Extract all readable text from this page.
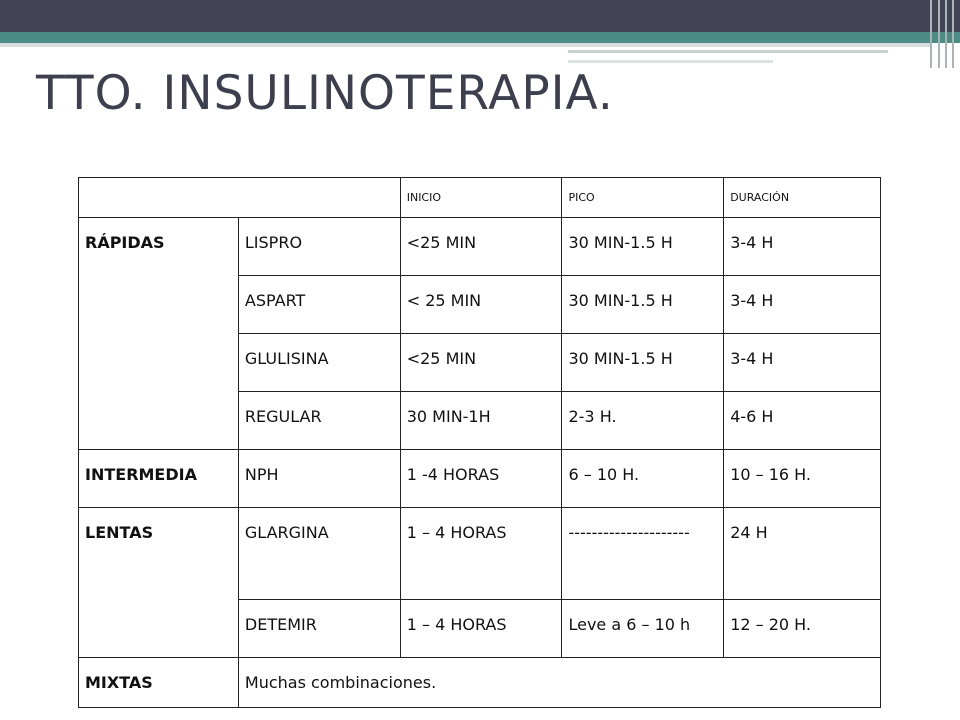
TTO. INSULINOTERAPIA.
		INICIO	PICO	DURACIÓN
RÁPIDAS	LISPRO	<25 MIN	30 MIN-1.5 H	3-4 H
	ASPART	< 25 MIN	30 MIN-1.5 H	3-4 H
	GLULISINA	<25 MIN	30 MIN-1.5 H	3-4 H
	REGULAR	30 MIN-1H	2-3 H.	4-6 H
INTERMEDIA	NPH	1 -4 HORAS	6 – 10 H.	10 – 16 H.
LENTAS	GLARGINA	1 – 4 HORAS	---------------------	24 H
	DETEMIR	1 – 4 HORAS	Leve a 6 – 10 h	12 – 20 H.
MIXTAS	Muchas combinaciones.			
